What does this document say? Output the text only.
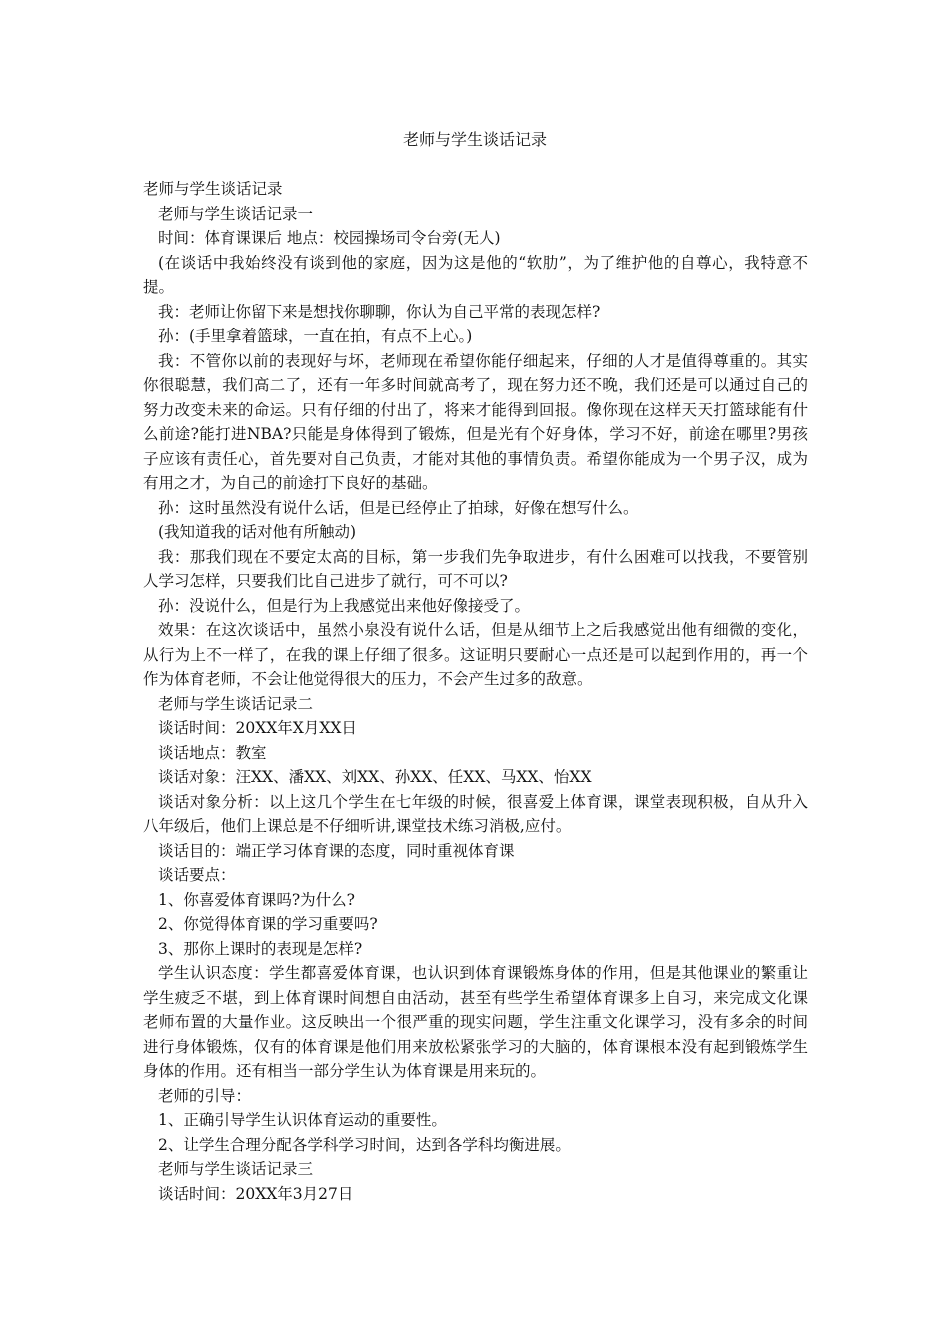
老师与学生谈话记录

老师与学生谈话记录

老师与学生谈话记录一

时间：体育课课后 地点：校园操场司令台旁(无人)

(在谈话中我始终没有谈到他的家庭，因为这是他的“软肋”，为了维护他的自尊心，我特意不提。

我：老师让你留下来是想找你聊聊，你认为自己平常的表现怎样?

孙：(手里拿着篮球，一直在拍，有点不上心。)

我：不管你以前的表现好与坏，老师现在希望你能仔细起来，仔细的人才是值得尊重的。其实你很聪慧，我们高二了，还有一年多时间就高考了，现在努力还不晚，我们还是可以通过自己的努力改变未来的命运。只有仔细的付出了，将来才能得到回报。像你现在这样天天打篮球能有什么前途?能打进NBA?只能是身体得到了锻炼，但是光有个好身体，学习不好，前途在哪里?男孩子应该有责任心，首先要对自己负责，才能对其他的事情负责。希望你能成为一个男子汉，成为有用之才，为自己的前途打下良好的基础。

孙：这时虽然没有说什么话，但是已经停止了拍球，好像在想写什么。

(我知道我的话对他有所触动)

我：那我们现在不要定太高的目标，第一步我们先争取进步，有什么困难可以找我，不要管别人学习怎样，只要我们比自己进步了就行，可不可以?

孙：没说什么，但是行为上我感觉出来他好像接受了。

效果：在这次谈话中，虽然小泉没有说什么话，但是从细节上之后我感觉出他有细微的变化，从行为上不一样了，在我的课上仔细了很多。这证明只要耐心一点还是可以起到作用的，再一个作为体育老师，不会让他觉得很大的压力，不会产生过多的敌意。

老师与学生谈话记录二

谈话时间：20XX年X月XX日

谈话地点：教室

谈话对象：汪XX、潘XX、刘XX、孙XX、任XX、马XX、怡XX

谈话对象分析：以上这几个学生在七年级的时候，很喜爱上体育课，课堂表现积极，自从升入八年级后，他们上课总是不仔细听讲,课堂技术练习消极,应付。

谈话目的：端正学习体育课的态度，同时重视体育课

谈话要点：

1、你喜爱体育课吗?为什么?

2、你觉得体育课的学习重要吗?

3、那你上课时的表现是怎样?

学生认识态度：学生都喜爱体育课，也认识到体育课锻炼身体的作用，但是其他课业的繁重让学生疲乏不堪，到上体育课时间想自由活动，甚至有些学生希望体育课多上自习，来完成文化课老师布置的大量作业。这反映出一个很严重的现实问题，学生注重文化课学习，没有多余的时间进行身体锻炼，仅有的体育课是他们用来放松紧张学习的大脑的，体育课根本没有起到锻炼学生身体的作用。还有相当一部分学生认为体育课是用来玩的。

老师的引导：

1、正确引导学生认识体育运动的重要性。

2、让学生合理分配各学科学习时间，达到各学科均衡进展。

老师与学生谈话记录三

谈话时间：20XX年3月27日
